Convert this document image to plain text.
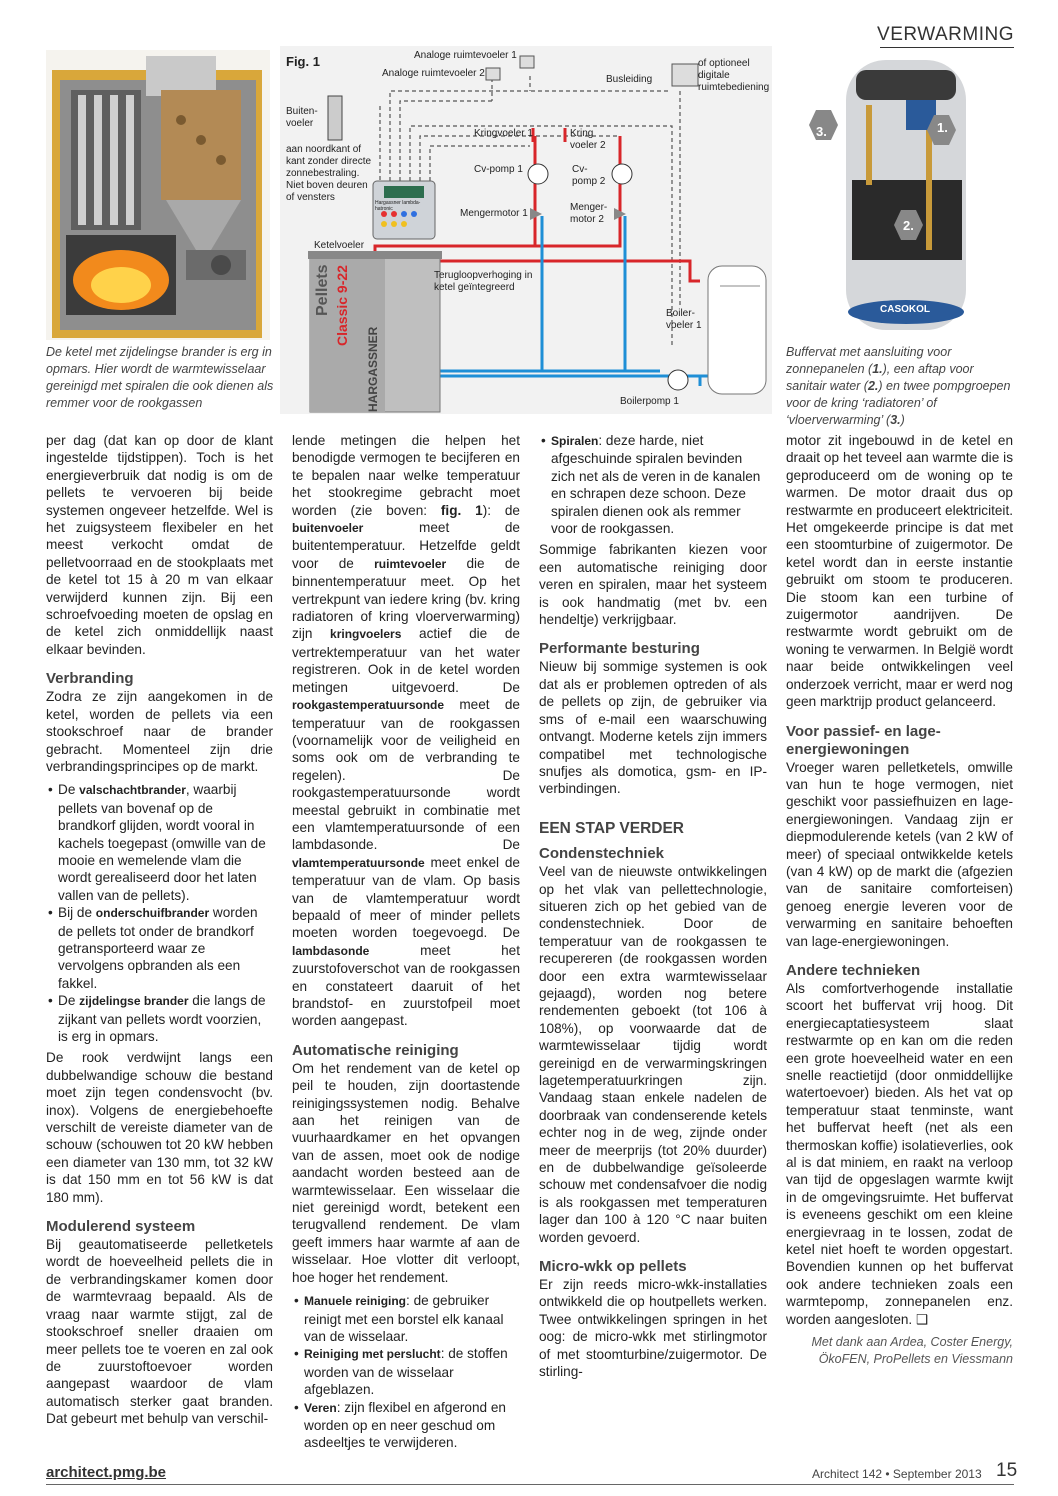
VERWARMING
Fig. 1	Analoge ruimtevoeler 1
Analoge ruimtevoeler 2
Busleiding
of optioneel
digitale
ruimtebediening
Buiten-
voeler
aan noordkant of
kant zonder directe
zonnebestraling.
Niet boven deuren
of vensters
Kringvoeler 1	Kring
voeler 2
Cv-pomp 1	Cv-
pomp 2
Mengermotor 1
Menger-
motor 2
Ketelvoeler
Terugloopverhoging in
ketel geïntegreerd
Boiler-
voeler 1
Boilerpomp 1
Hargassner lambda-hatronic
Pellets Classic 9-22
HARGASSNER
3.	1.
2.
CASOKOL
De ketel met zijdelingse brander is erg in opmars. Hier wordt de warmtewisselaar gereinigd met spiralen die ook dienen als remmer voor de rookgassen
Buffervat met aansluiting voor zonnepanelen (1.), een aftap voor sanitair water (2.) en twee pompgroepen voor de kring ‘radiatoren’ of ‘vloerverwarming’ (3.)

per dag (dat kan op door de klant ingestelde tijdstippen). Toch is het energieverbruik dat nodig is om de pellets te vervoeren bij beide systemen ongeveer hetzelfde. Wel is het zuigsysteem flexibeler en het meest verkocht omdat de pelletvoorraad en de stookplaats met de ketel tot 15 à 20 m van elkaar verwijderd kunnen zijn. Bij een schroefvoeding moeten de opslag en de ketel zich onmiddellijk naast elkaar bevinden.

Verbranding

Zodra ze zijn aangekomen in de ketel, worden de pellets via een stookschroef naar de brander gebracht. Momenteel zijn drie verbrandingsprincipes op de markt.

• De valschachtbrander, waarbij pellets van bovenaf op de brandkorf glijden, wordt vooral in kachels toegepast (omwille van de mooie en wemelende vlam die wordt gerealiseerd door het laten vallen van de pellets).
• Bij de onderschuifbrander worden de pellets tot onder de brandkorf getransporteerd waar ze vervolgens opbranden als een fakkel.
• De zijdelingse brander die langs de zijkant van pellets wordt voorzien, is erg in opmars.

De rook verdwijnt langs een dubbelwandige schouw die bestand moet zijn tegen condensvocht (bv. inox). Volgens de energiebehoefte verschilt de vereiste diameter van de schouw (schouwen tot 20 kW hebben een diameter van 130 mm, tot 32 kW is dat 150 mm en tot 56 kW is dat 180 mm).

Modulerend systeem

Bij geautomatiseerde pelletketels wordt de hoeveelheid pellets die in de verbrandingskamer komen door de warmtevraag bepaald. Als de vraag naar warmte stijgt, zal de stookschroef sneller draaien om meer pellets toe te voeren en zal ook de zuurstoftoevoer worden aangepast waardoor de vlam automatisch sterker gaat branden. Dat gebeurt met behulp van verschil-

lende metingen die helpen het benodigde vermogen te becijferen en te bepalen naar welke temperatuur het stookregime gebracht moet worden (zie boven: fig. 1): de buitenvoeler meet de buitentemperatuur. Hetzelfde geldt voor de ruimtevoeler die de binnentemperatuur meet. Op het vertrekpunt van iedere kring (bv. kring radiatoren of kring vloerverwarming) zijn kringvoelers actief die de vertrektemperatuur van het water registreren. Ook in de ketel worden metingen uitgevoerd. De rookgastemperatuursonde meet de temperatuur van de rookgassen (voornamelijk voor de veiligheid en soms ook om de verbranding te regelen). De rookgastemperatuursonde wordt meestal gebruikt in combinatie met een vlamtemperatuursonde of een lambdasonde. De vlamtemperatuursonde meet enkel de temperatuur van de vlam. Op basis van de vlamtemperatuur wordt bepaald of meer of minder pellets moeten worden toegevoegd. De lambdasonde meet het zuurstofoverschot van de rookgassen en constateert daaruit of het brandstof- en zuurstofpeil moet worden aangepast.

Automatische reiniging

Om het rendement van de ketel op peil te houden, zijn doortastende reinigingssystemen nodig. Behalve aan het reinigen van de vuurhaardkamer en het opvangen van de assen, moet ook de nodige aandacht worden besteed aan de warmtewisselaar. Een wisselaar die niet gereinigd wordt, betekent een terugvallend rendement. De vlam geeft immers haar warmte af aan de wisselaar. Hoe vlotter dit verloopt, hoe hoger het rendement.

• Manuele reiniging: de gebruiker reinigt met een borstel elk kanaal van de wisselaar.
• Reiniging met perslucht: de stoffen worden van de wisselaar afgeblazen.
• Veren: zijn flexibel en afgerond en worden op en neer geschud om asdeeltjes te verwijderen.
• Spiralen: deze harde, niet afgeschuinde spiralen bevinden zich net als de veren in de kanalen en schrapen deze schoon. Deze spiralen dienen ook als remmer voor de rookgassen.

Sommige fabrikanten kiezen voor een automatische reiniging door veren en spiralen, maar het systeem is ook handmatig (met bv. een hendeltje) verkrijgbaar.

Performante besturing

Nieuw bij sommige systemen is ook dat als er problemen optreden of als de pellets op zijn, de gebruiker via sms of e-mail een waarschuwing ontvangt. Moderne ketels zijn immers compatibel met technologische snufjes als domotica, gsm- en IP-verbindingen.

EEN STAP VERDER
Condenstechniek

Veel van de nieuwste ontwikkelingen op het vlak van pellettechnologie, situeren zich op het gebied van de condenstechniek. Door de temperatuur van de rookgassen te recupereren (de rookgassen worden door een extra warmtewisselaar gejaagd), worden nog betere rendementen geboekt (tot 106 à 108%), op voorwaarde dat de warmtewisselaar tijdig wordt gereinigd en de verwarmingskringen lagetemperatuurkringen zijn. Vandaag staan enkele nadelen de doorbraak van condenserende ketels echter nog in de weg, zijnde onder meer de meerprijs (tot 20% duurder) en de dubbelwandige geïsoleerde schouw met condensafvoer die nodig is als rookgassen met temperaturen lager dan 100 à 120 °C naar buiten worden gevoerd.

Micro-wkk op pellets

Er zijn reeds micro-wkk-installaties ontwikkeld die op houtpellets werken. Twee ontwikkelingen springen in het oog: de micro-wkk met stirlingmotor of met stoomturbine/zuigermotor. De stirling-

motor zit ingebouwd in de ketel en draait op het teveel aan warmte die is geproduceerd om de woning op te warmen. De motor draait dus op restwarmte en produceert elektriciteit. Het omgekeerde principe is dat met een stoomturbine of zuigermotor. De ketel wordt dan in eerste instantie gebruikt om stoom te produceren. Die stoom kan een turbine of zuigermotor aandrijven. De restwarmte wordt gebruikt om de woning te verwarmen. In België wordt naar beide ontwikkelingen veel onderzoek verricht, maar er werd nog geen marktrijp product gelanceerd.

Voor passief- en lage-energiewoningen

Vroeger waren pelletketels, omwille van hun te hoge vermogen, niet geschikt voor passiefhuizen en lage-energiewoningen. Vandaag zijn er diepmodulerende ketels (van 2 kW of meer) of speciaal ontwikkelde ketels (van 4 kW) op de markt die (afgezien van de sanitaire comforteisen) genoeg energie leveren voor de verwarming en sanitaire behoeften van lage-energiewoningen.

Andere technieken

Als comfortverhogende installatie scoort het buffervat vrij hoog. Dit energiecaptatiesysteem slaat restwarmte op en kan om die reden een grote hoeveelheid water en een snelle reactietijd (door onmiddellijke watertoevoer) bieden. Als het vat op temperatuur staat tenminste, want het buffervat heeft (net als een thermoskan koffie) isolatieverlies, ook al is dat miniem, en raakt na verloop van tijd de opgeslagen warmte kwijt in de omgevingsruimte. Het buffervat is eveneens geschikt om een kleine energievraag in te lossen, zodat de ketel niet hoeft te worden opgestart. Bovendien kunnen op het buffervat ook andere technieken zoals een warmtepomp, zonnepanelen enz. worden aangesloten. ❑

Met dank aan Ardea, Coster Energy, ÖkoFEN, ProPellets en Viessmann
architect.pmg.be	Architect 142 • September 2013 15
